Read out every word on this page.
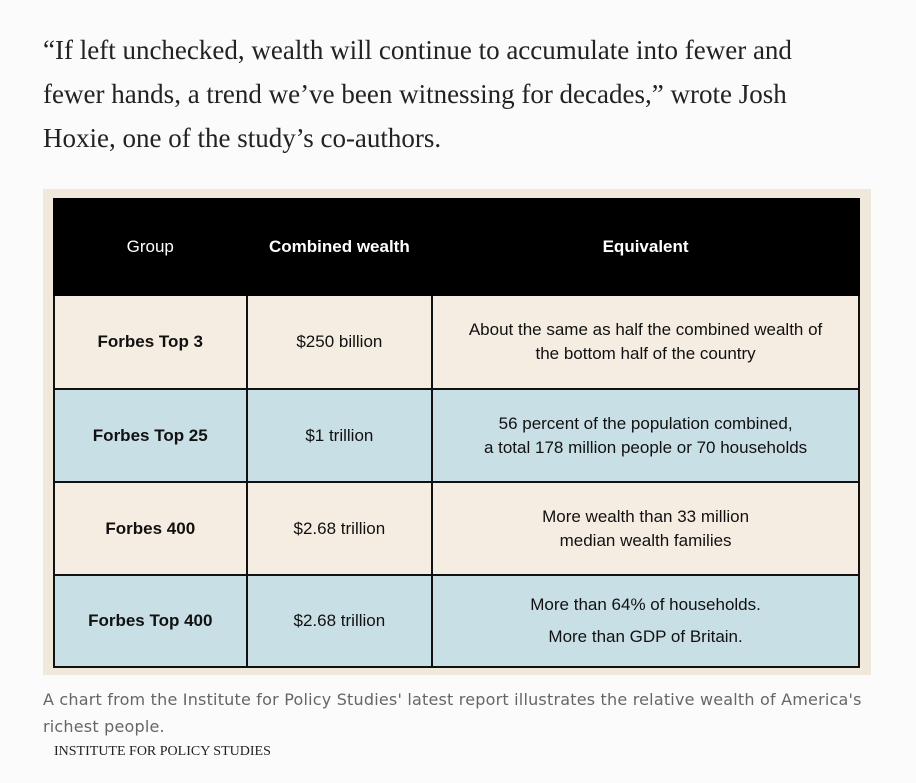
“If left unchecked, wealth will continue to accumulate into fewer and
fewer hands, a trend we’ve been witnessing for decades,” wrote Josh
Hoxie, one of the study’s co-authors.
Group	Combined wealth	Equivalent
Forbes Top 3	$250 billion	About the same as half the combined wealth of
the bottom half of the country
Forbes Top 25	$1 trillion	56 percent of the population combined,
a total 178 million people or 70 households
Forbes 400	$2.68 trillion	More wealth than 33 million
median wealth families
Forbes Top 400	$2.68 trillion	More than 64% of households.
More than GDP of Britain.
A chart from the Institute for Policy Studies' latest report illustrates the relative wealth of America's richest people.
INSTITUTE FOR POLICY STUDIES
